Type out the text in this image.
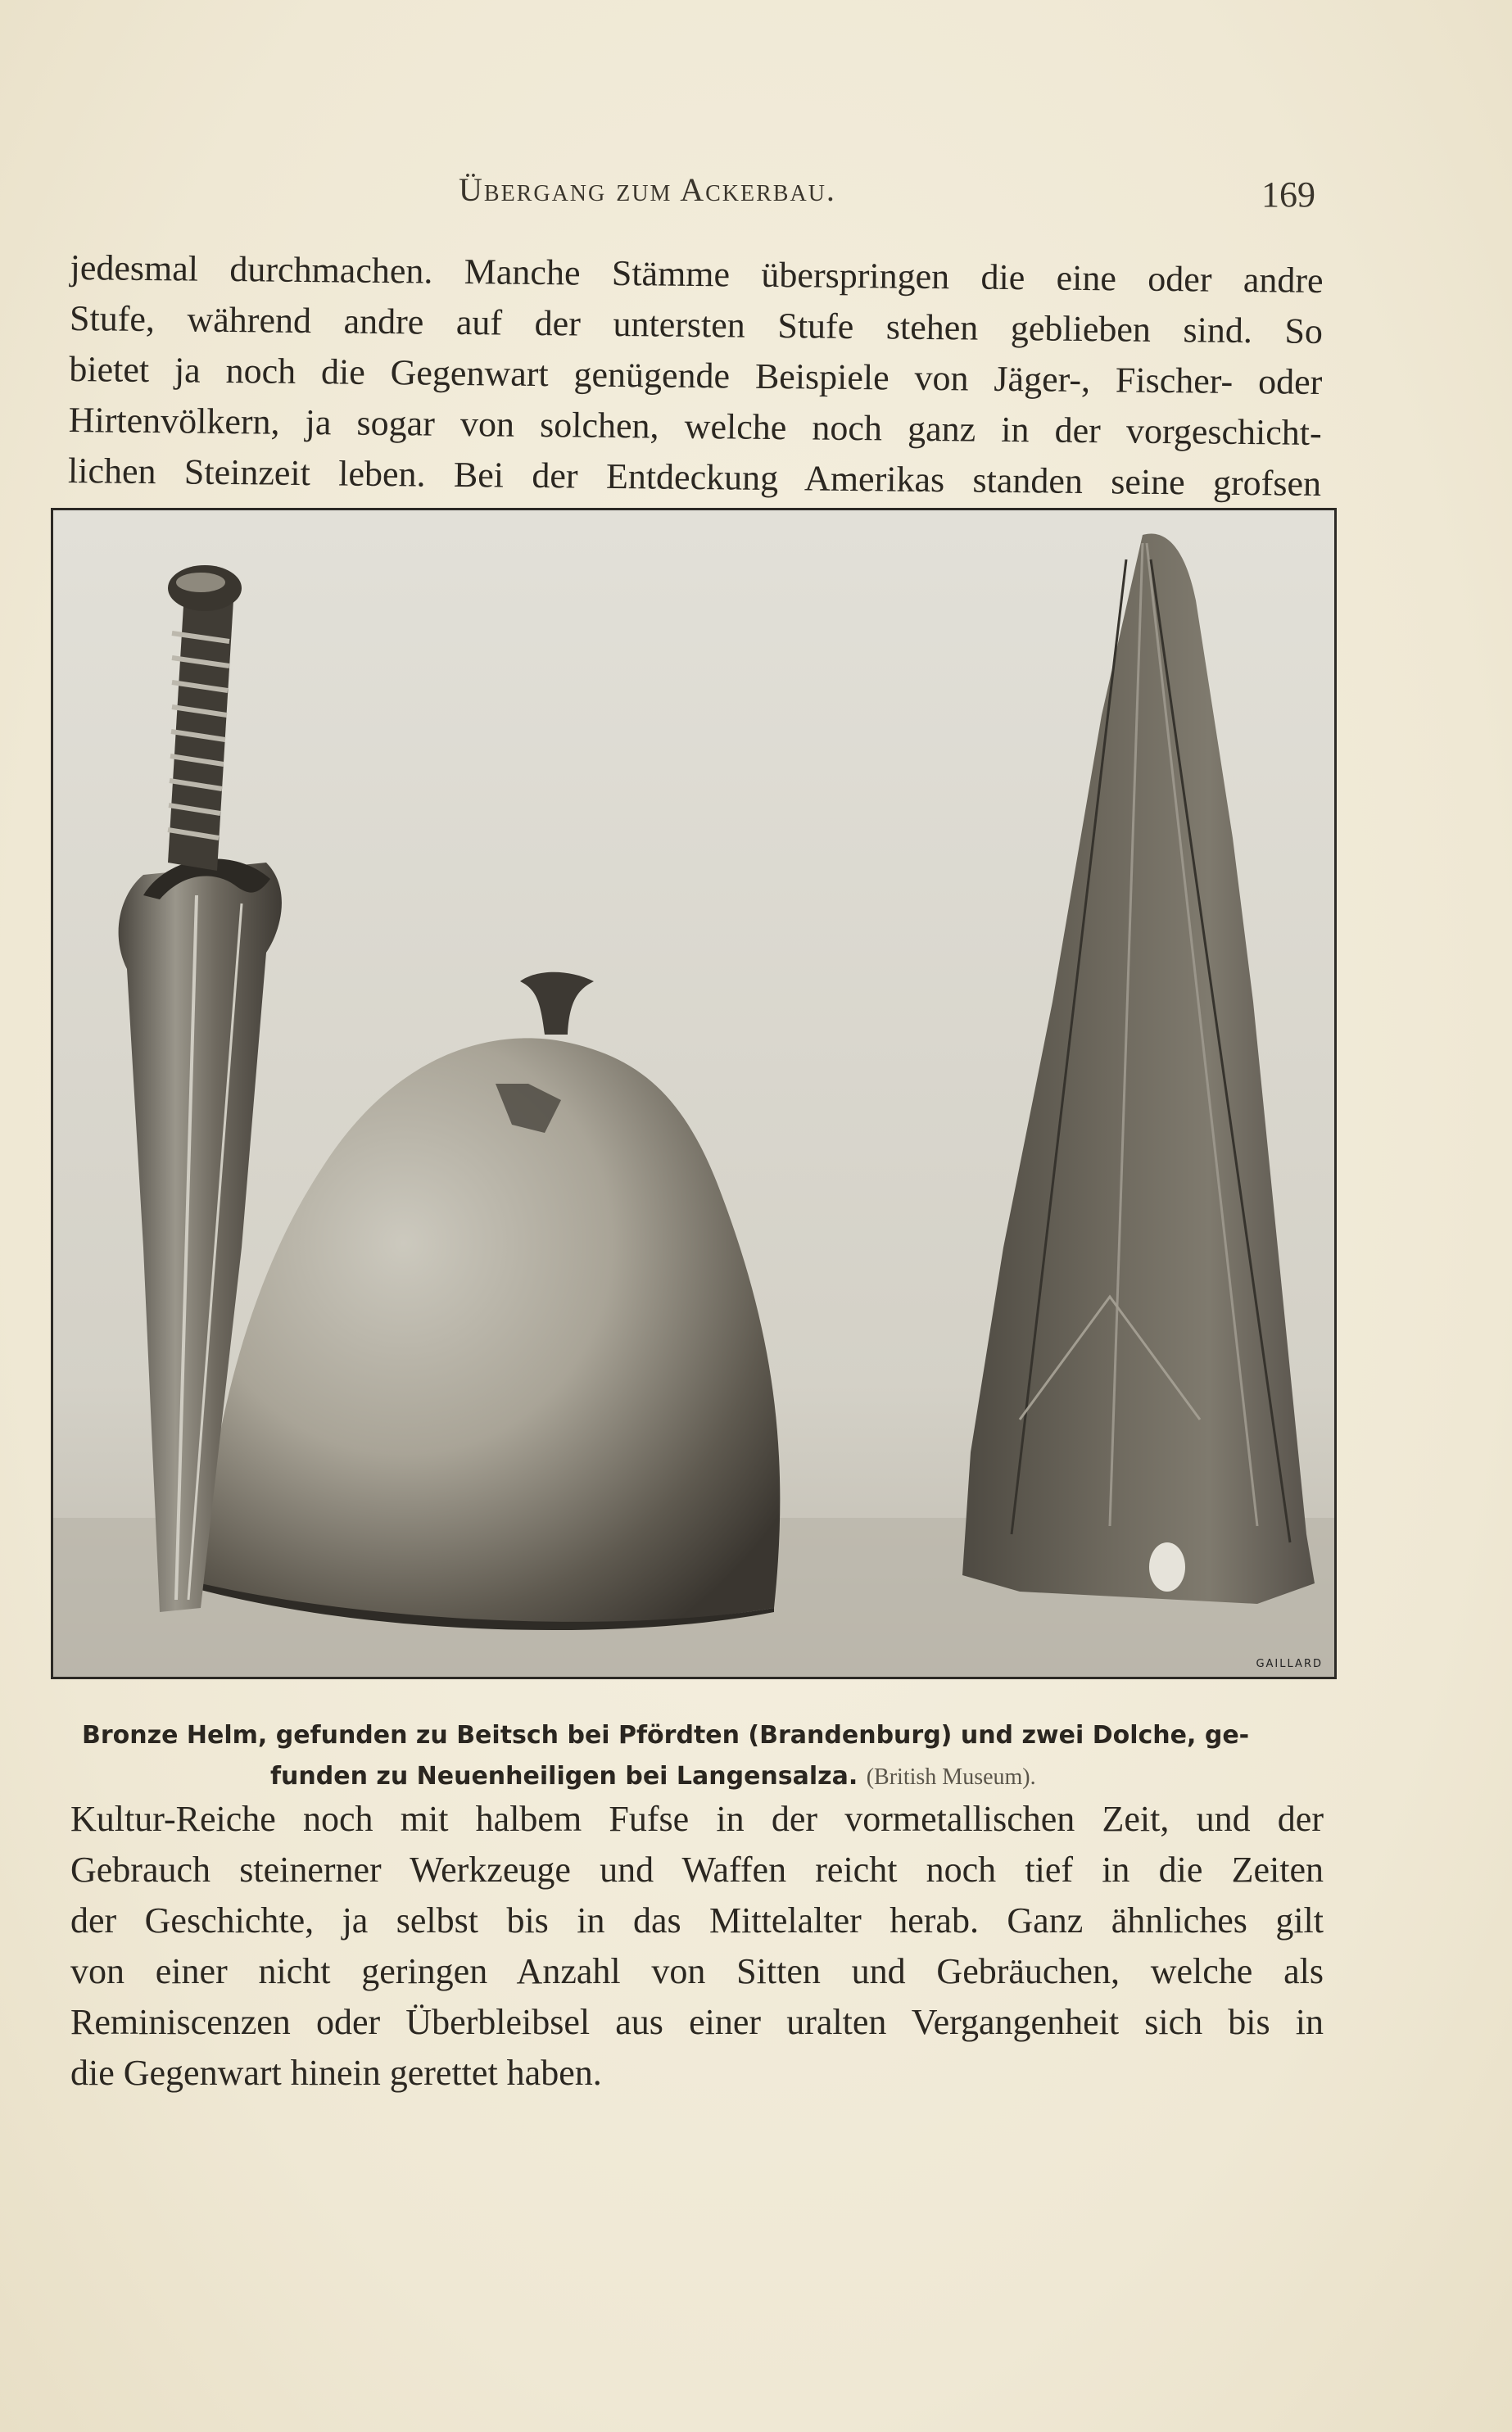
Übergang zum Ackerbau.	169
jedesmal durchmachen. Manche Stämme überspringen die eine oder andre
Stufe, während andre auf der untersten Stufe stehen geblieben sind. So
bietet ja noch die Gegenwart genügende Beispiele von Jäger-, Fischer- oder
Hirtenvölkern, ja sogar von solchen, welche noch ganz in der vorgeschicht-
lichen Steinzeit leben. Bei der Entdeckung Amerikas standen seine grofsen
GAILLARD
Bronze Helm, gefunden zu Beitsch bei Pfördten (Brandenburg) und zwei Dolche, ge-
funden zu Neuenheiligen bei Langensalza. (British Museum).
Kultur-Reiche noch mit halbem Fufse in der vormetallischen Zeit, und der
Gebrauch steinerner Werkzeuge und Waffen reicht noch tief in die Zeiten
der Geschichte, ja selbst bis in das Mittelalter herab. Ganz ähnliches gilt
von einer nicht geringen Anzahl von Sitten und Gebräuchen, welche als
Reminiscenzen oder Überbleibsel aus einer uralten Vergangenheit sich bis in
die Gegenwart hinein gerettet haben.
